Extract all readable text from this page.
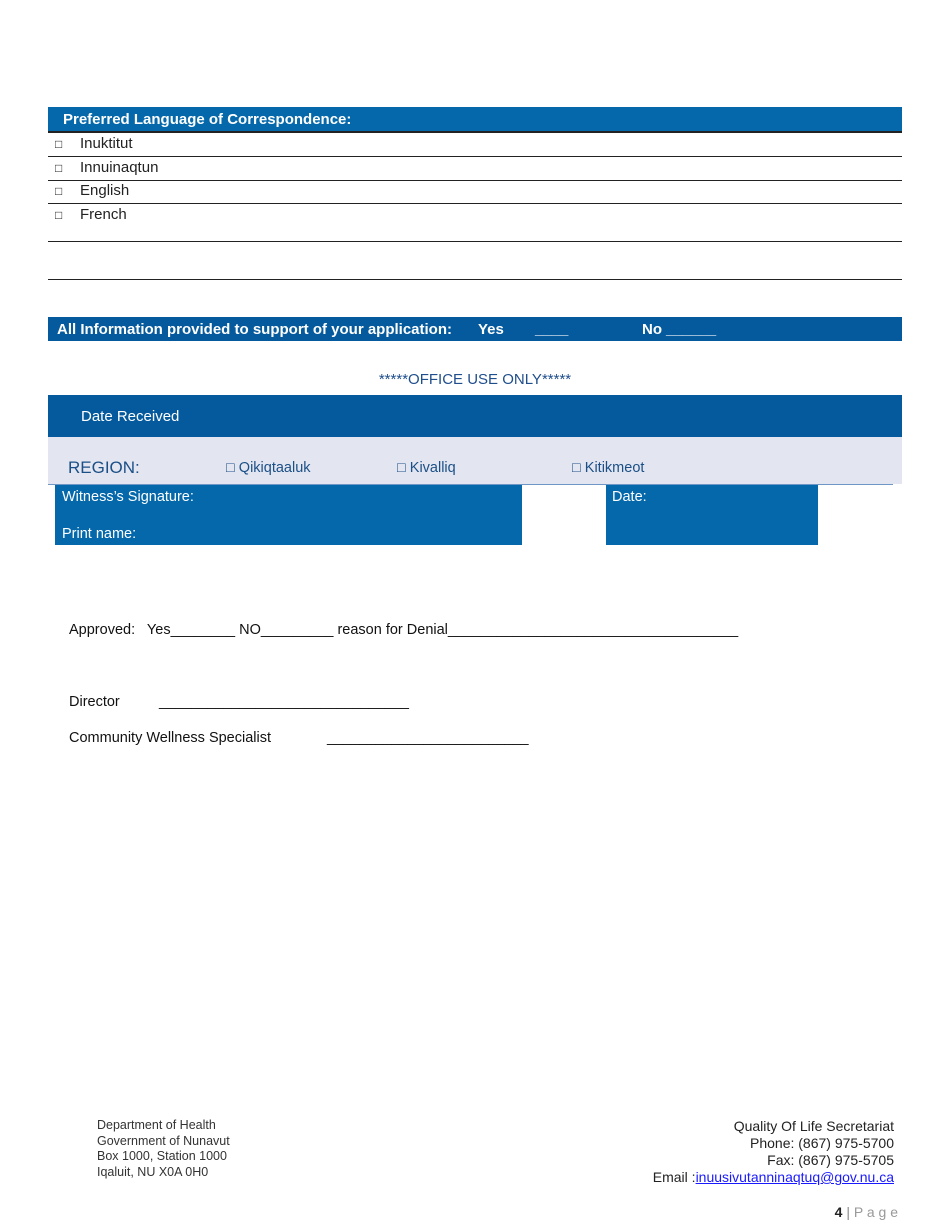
Preferred Language of Correspondence:
□ Inuktitut
□ Innuinaqtun
□ English
□ French
All Information provided to support of your application: Yes ____	No ______
*****OFFICE USE ONLY*****
Date Received
REGION:	□ Qikiqtaaluk	□ Kivalliq	□ Kitikmeot
Witness’s Signature:
Print name:
Date:
Approved:   Yes________ NO_________ reason for Denial____________________________________
Director	_______________________________
Community Wellness Specialist	_________________________
Department of Health
Government of Nunavut
Box 1000, Station 1000
Iqaluit, NU X0A 0H0
Quality Of Life Secretariat
Phone: (867) 975-5700
Fax: (867) 975-5705
Email :inuusivutanninaqtuq@gov.nu.ca

4 | P a g e
